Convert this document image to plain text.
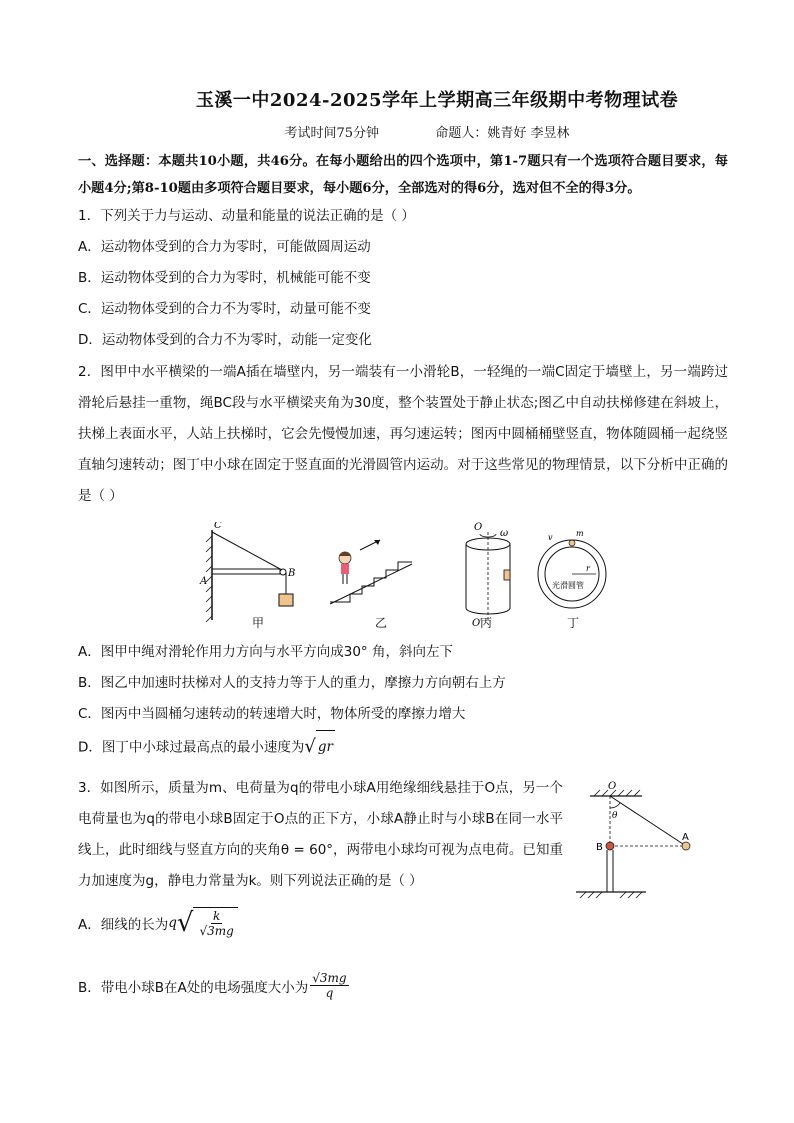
玉溪一中2024-2025学年上学期高三年级期中考物理试卷
考试时间75分钟	命题人：姚青好 李昱林
一、选择题：本题共10小题，共46分。在每小题给出的四个选项中，第1-7题只有一个选项符合题目要求，每小题4分;第8-10题由多项符合题目要求，每小题6分，全部选对的得6分，选对但不全的得3分。
1．下列关于力与运动、动量和能量的说法正确的是（ ）
A．运动物体受到的合力为零时，可能做圆周运动
B．运动物体受到的合力为零时，机械能可能不变
C．运动物体受到的合力不为零时，动量可能不变
D．运动物体受到的合力不为零时，动能一定变化

2．图甲中水平横梁的一端A插在墙壁内，另一端装有一小滑轮B，一轻绳的一端C固定于墙壁上，另一端跨过滑轮后悬挂一重物，绳BC段与水平横梁夹角为30度，整个装置处于静止状态;图乙中自动扶梯修建在斜坡上，扶梯上表面水平，人站上扶梯时，它会先慢慢加速，再匀速运转；图丙中圆桶桶壁竖直，物体随圆桶一起绕竖直轴匀速转动；图丁中小球在固定于竖直面的光滑圆管内运动。对于这些常见的物理情景，以下分析中正确的是（ ）

C
A
B
O
ω
O′
m
v
r
光滑圆管
甲	乙	丙	丁
A．图甲中绳对滑轮作用力方向与水平方向成30° 角，斜向左下
B．图乙中加速时扶梯对人的支持力等于人的重力，摩擦力方向朝右上方
C．图丙中当圆桶匀速转动的转速增大时，物体所受的摩擦力增大
D．图丁中小球过最高点的最小速度为 √ gr

3．如图所示，质量为m、电荷量为q的带电小球A用绝缘细线悬挂于O点，另一个电荷量也为q的带电小球B固定于O点的正下方，小球A静止时与小球B在同一水平线上，此时细线与竖直方向的夹角θ = 60°，两带电小球均可视为点电荷。已知重力加速度为g，静电力常量为k。则下列说法正确的是（ ）

O
θ
A
B
A．细线的长为 q √ $\frac{k}{√3mg}$
B．带电小球B在A处的电场强度大小为 $\frac{√3mg}{q}$
